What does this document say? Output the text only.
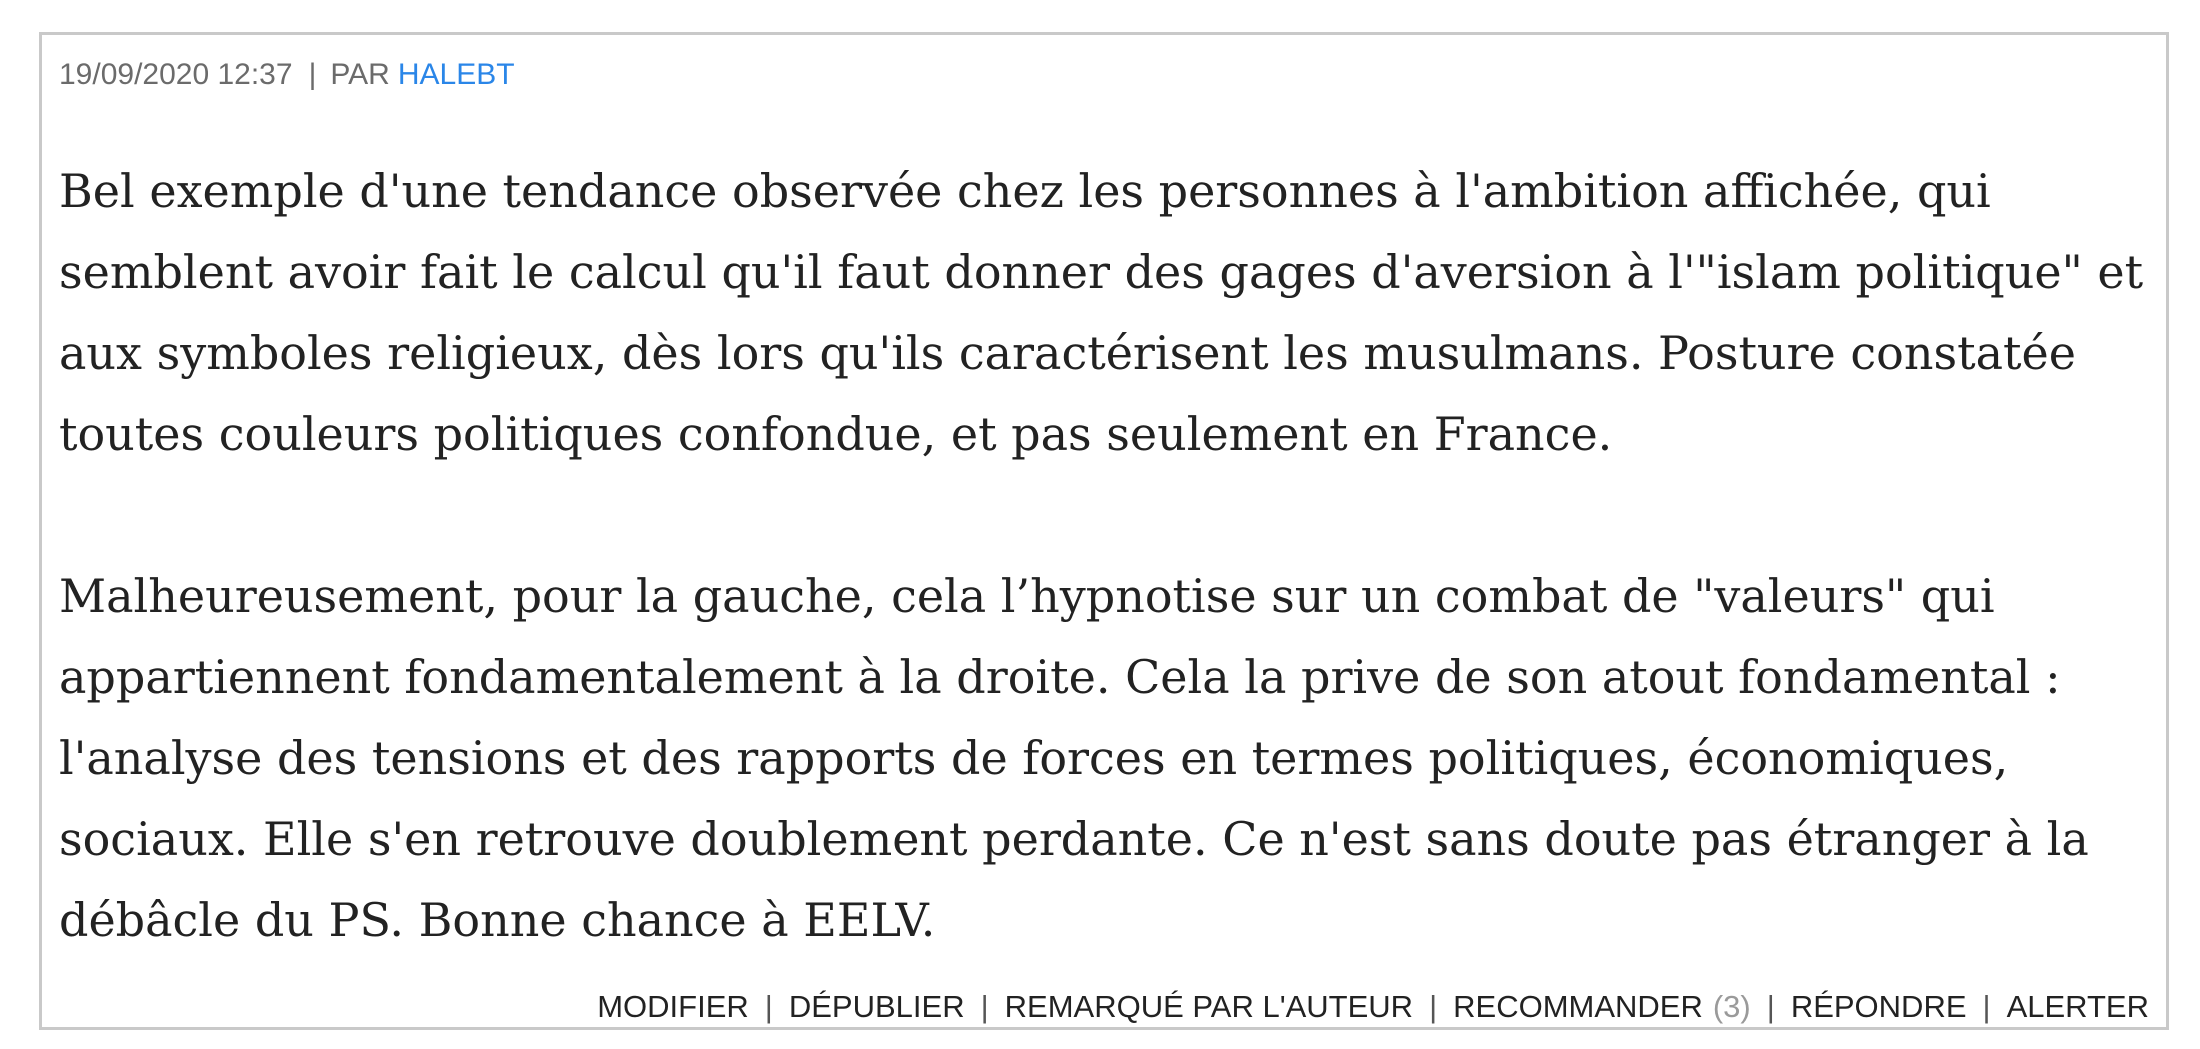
19/09/2020 12:37 | PAR HALEBT

Bel exemple d'une tendance observée chez les personnes à l'ambition affichée, qui semblent avoir fait le calcul qu'il faut donner des gages d'aversion à l'"islam politique" et aux symboles religieux, dès lors qu'ils caractérisent les musulmans. Posture constatée toutes couleurs politiques confondue, et pas seulement en France.

Malheureusement, pour la gauche, cela l’hypnotise sur un combat de "valeurs" qui appartiennent fondamentalement à la droite. Cela la prive de son atout fondamental : l'analyse des tensions et des rapports de forces en termes politiques, économiques, sociaux. Elle s'en retrouve doublement perdante. Ce n'est sans doute pas étranger à la débâcle du PS. Bonne chance à EELV.

MODIFIER | DÉPUBLIER | REMARQUÉ PAR L'AUTEUR | RECOMMANDER (3) | RÉPONDRE | ALERTER
